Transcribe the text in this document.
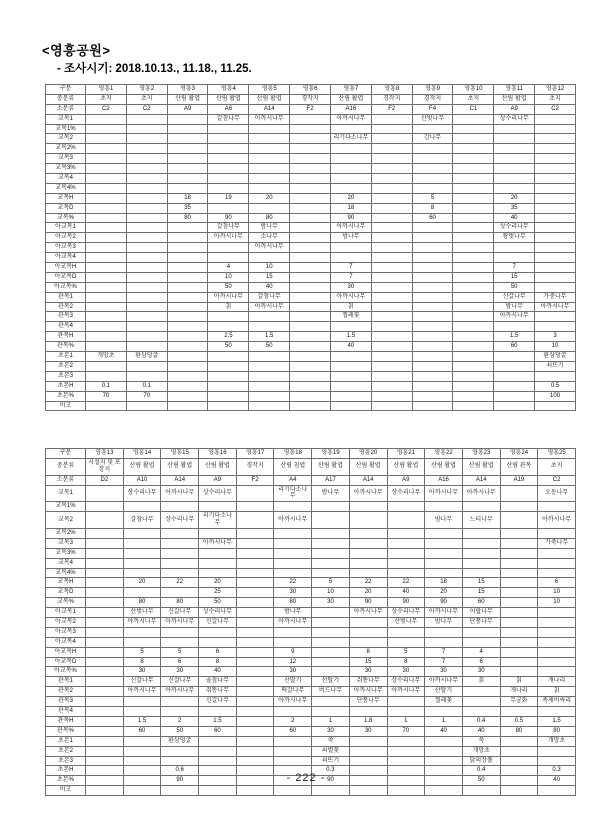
<영흥공원>
- 조사시기: 2018.10.13., 11.18., 11.25.
구분	영흥1	영흥2	영흥3	영흥4	영흥5	영흥6	영흥7	영흥8	영흥9	영흥10	영흥11	영흥12
중분류	초지	초지	산림 활엽	산림 활엽	산림 활엽	경작지	산림 활엽	경작지	경작지	초지	산림 활엽	초지
소분류	C2	C2	A9	A6	A14	F2	A16	F2	F4	C1	A9	C2
교목1				갈참나무	아까시나무		아까시나무		산벚나무		상수리나무	
교목1%												
교목2							리기다소나무		감나무			
교목2%												
교목3												
교목3%												
교목4												
교목4%												
교목H			18	19	20		20		5		20	
교목D			35				18		8		35	
교목%			80	90	80		90		60		40	
아교목1				갈참나무	밤나무		아까시나무				상수리나무	
아교목2				아까시나무	소나무		밤나무				왕벚나무	
아교목3					아까시나무							
아교목4												
아교목H				4	10		7				7	
아교목D				10	15		7				15	
아교목%				50	40		30				50	
관목1				아까시나무	갈참나무		아까시나무				신갈나무	가중나무
관목2				칡	아까시나무		칡				밤나무	아까시나무
관목3							찔레꽃				아까시나무	
관목4												
관목H				2.5	1.5		1.5				1.5	3
관목%				50	50		40				60	10
초본1	개망초	환삼덩굴										환삼덩굴
초본2												쇠뜨기
초본3												
초본H	0.1	0.1										0.5
초본%	70	70										100
비고												
구분	영흥13	영흥14	영흥15	영흥16	영흥17	영흥18	영흥19	영흥20	영흥21	영흥22	영흥23	영흥24	영흥25
중분류	시설지 및 포장지	산림 활엽	산림 활엽	산림 활엽	경작지	산림 침엽	산림 활엽	산림 활엽	산림 활엽	산림 활엽	산림 활엽	산림 관목	초지
소분류	D2	A10	A14	A9	F2	A4	A17	A14	A9	A16	A14	A19	C2
교목1		상수리나무	아까시나무	상수리나무		리기다소나무	밤나무	아까시나무	상수리나무	아까시나무	아까시나무		오동나무
교목1%													
교목2		갈참나무	상수리나무	리기다소나무		아까시나무				밤나무	느티나무		아까시나무
교목2%													
교목3				아까시나무									가죽나무
교목3%													
교목4													
교목4%													
교목H		20	22	20		22	5	22	22	18	15		6
교목D				25		30	10	20	40	20	15		10
교목%		80	80	50		80	30	90	90	90	60		10
아교목1		산벚나무	신갈나무	상수리나무		밤나무		아까시나무	상수리나무	아까시나무	이팝나무		
아교목2		아까시나무	아까시나무	신갈나무		아까시나무			산벚나무	밤나무	단풍나무		
아교목3													
아교목4													
아교목H		5	5	6		9		8	5	7	4		
아교목D		8	6	8		12		15	8	7	6		
아교목%		30	30	40		30		30	30	30	30		
관목1		신갈나무	신갈나무	졸참나무		산딸기	산딸기	쥐똥나무	상수리나무	아까시나무	칡	칡	개나리
관목2		아까시나무	아까시나무	쥐똥나무		떡갈나무	버드나무	아까시나무	아까시나무	산딸기		개나리	칡
관목3				신갈나무		아까시나무		단풍나무		찔레꽃		무궁화	족제비싸리
관목4													
관목H		1.5	2	1.5		2	1	1.8	1	1	0.4	0.5	1.5
관목%		60	50	60		60	30	30	70	40	40	80	80
초본1			환삼덩굴				쑥				쑥		개망초
초본2							쇠별꽃				개망초		
초본3							쇠뜨기				닭의장풀		
초본H			0.6				0.3				0.4		0.3
초본%			90				90				50		40
비고													
- 222 -
